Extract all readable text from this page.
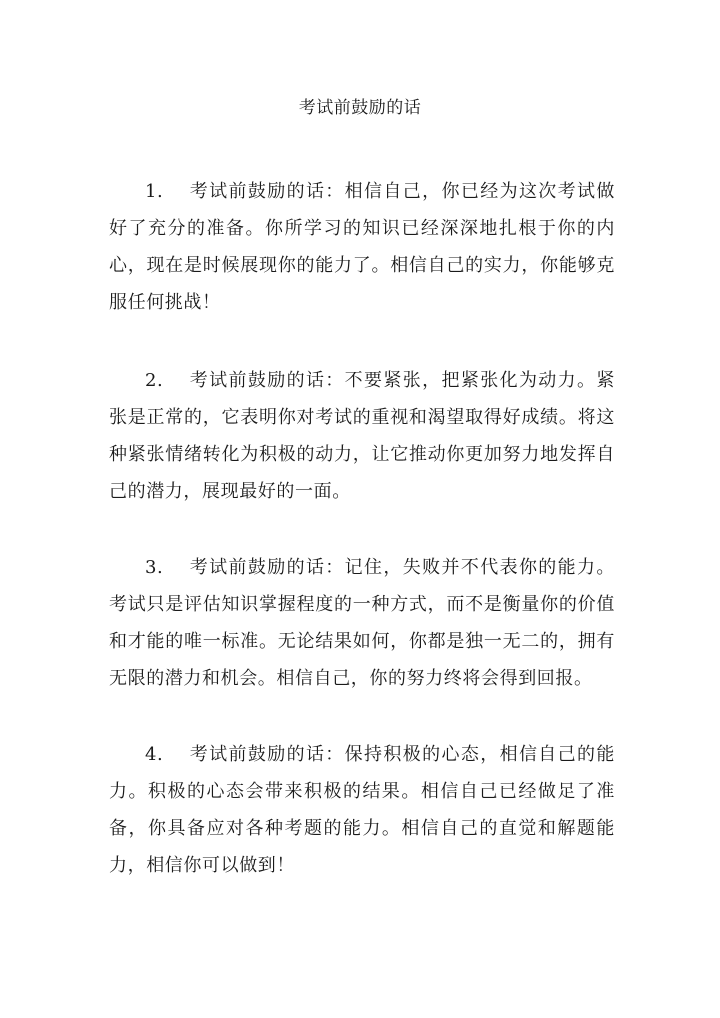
考试前鼓励的话

1. 考试前鼓励的话：相信自己，你已经为这次考试做好了充分的准备。你所学习的知识已经深深地扎根于你的内心，现在是时候展现你的能力了。相信自己的实力，你能够克服任何挑战！

2. 考试前鼓励的话：不要紧张，把紧张化为动力。紧张是正常的，它表明你对考试的重视和渴望取得好成绩。将这种紧张情绪转化为积极的动力，让它推动你更加努力地发挥自己的潜力，展现最好的一面。

3. 考试前鼓励的话：记住，失败并不代表你的能力。考试只是评估知识掌握程度的一种方式，而不是衡量你的价值和才能的唯一标准。无论结果如何，你都是独一无二的，拥有无限的潜力和机会。相信自己，你的努力终将会得到回报。

4. 考试前鼓励的话：保持积极的心态，相信自己的能力。积极的心态会带来积极的结果。相信自己已经做足了准备，你具备应对各种考题的能力。相信自己的直觉和解题能力，相信你可以做到！
